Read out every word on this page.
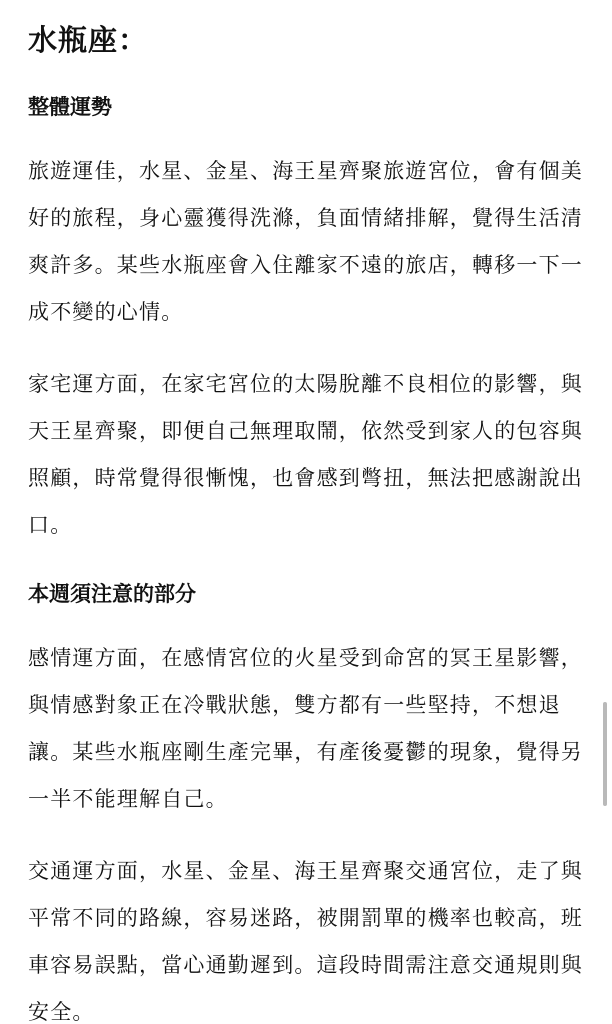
水瓶座：
整體運勢

旅遊運佳，水星、金星、海王星齊聚旅遊宮位，會有個美好的旅程，身心靈獲得洗滌，負面情緒排解，覺得生活清爽許多。某些水瓶座會入住離家不遠的旅店，轉移一下一成不變的心情。

家宅運方面，在家宅宮位的太陽脫離不良相位的影響，與天王星齊聚，即便自己無理取鬧，依然受到家人的包容與照顧，時常覺得很慚愧，也會感到彆扭，無法把感謝說出口。

本週須注意的部分

感情運方面，在感情宮位的火星受到命宮的冥王星影響，與情感對象正在冷戰狀態，雙方都有一些堅持，不想退讓。某些水瓶座剛生產完畢，有產後憂鬱的現象，覺得另一半不能理解自己。

交通運方面，水星、金星、海王星齊聚交通宮位，走了與平常不同的路線，容易迷路，被開罰單的機率也較高，班車容易誤點，當心通勤遲到。這段時間需注意交通規則與安全。
